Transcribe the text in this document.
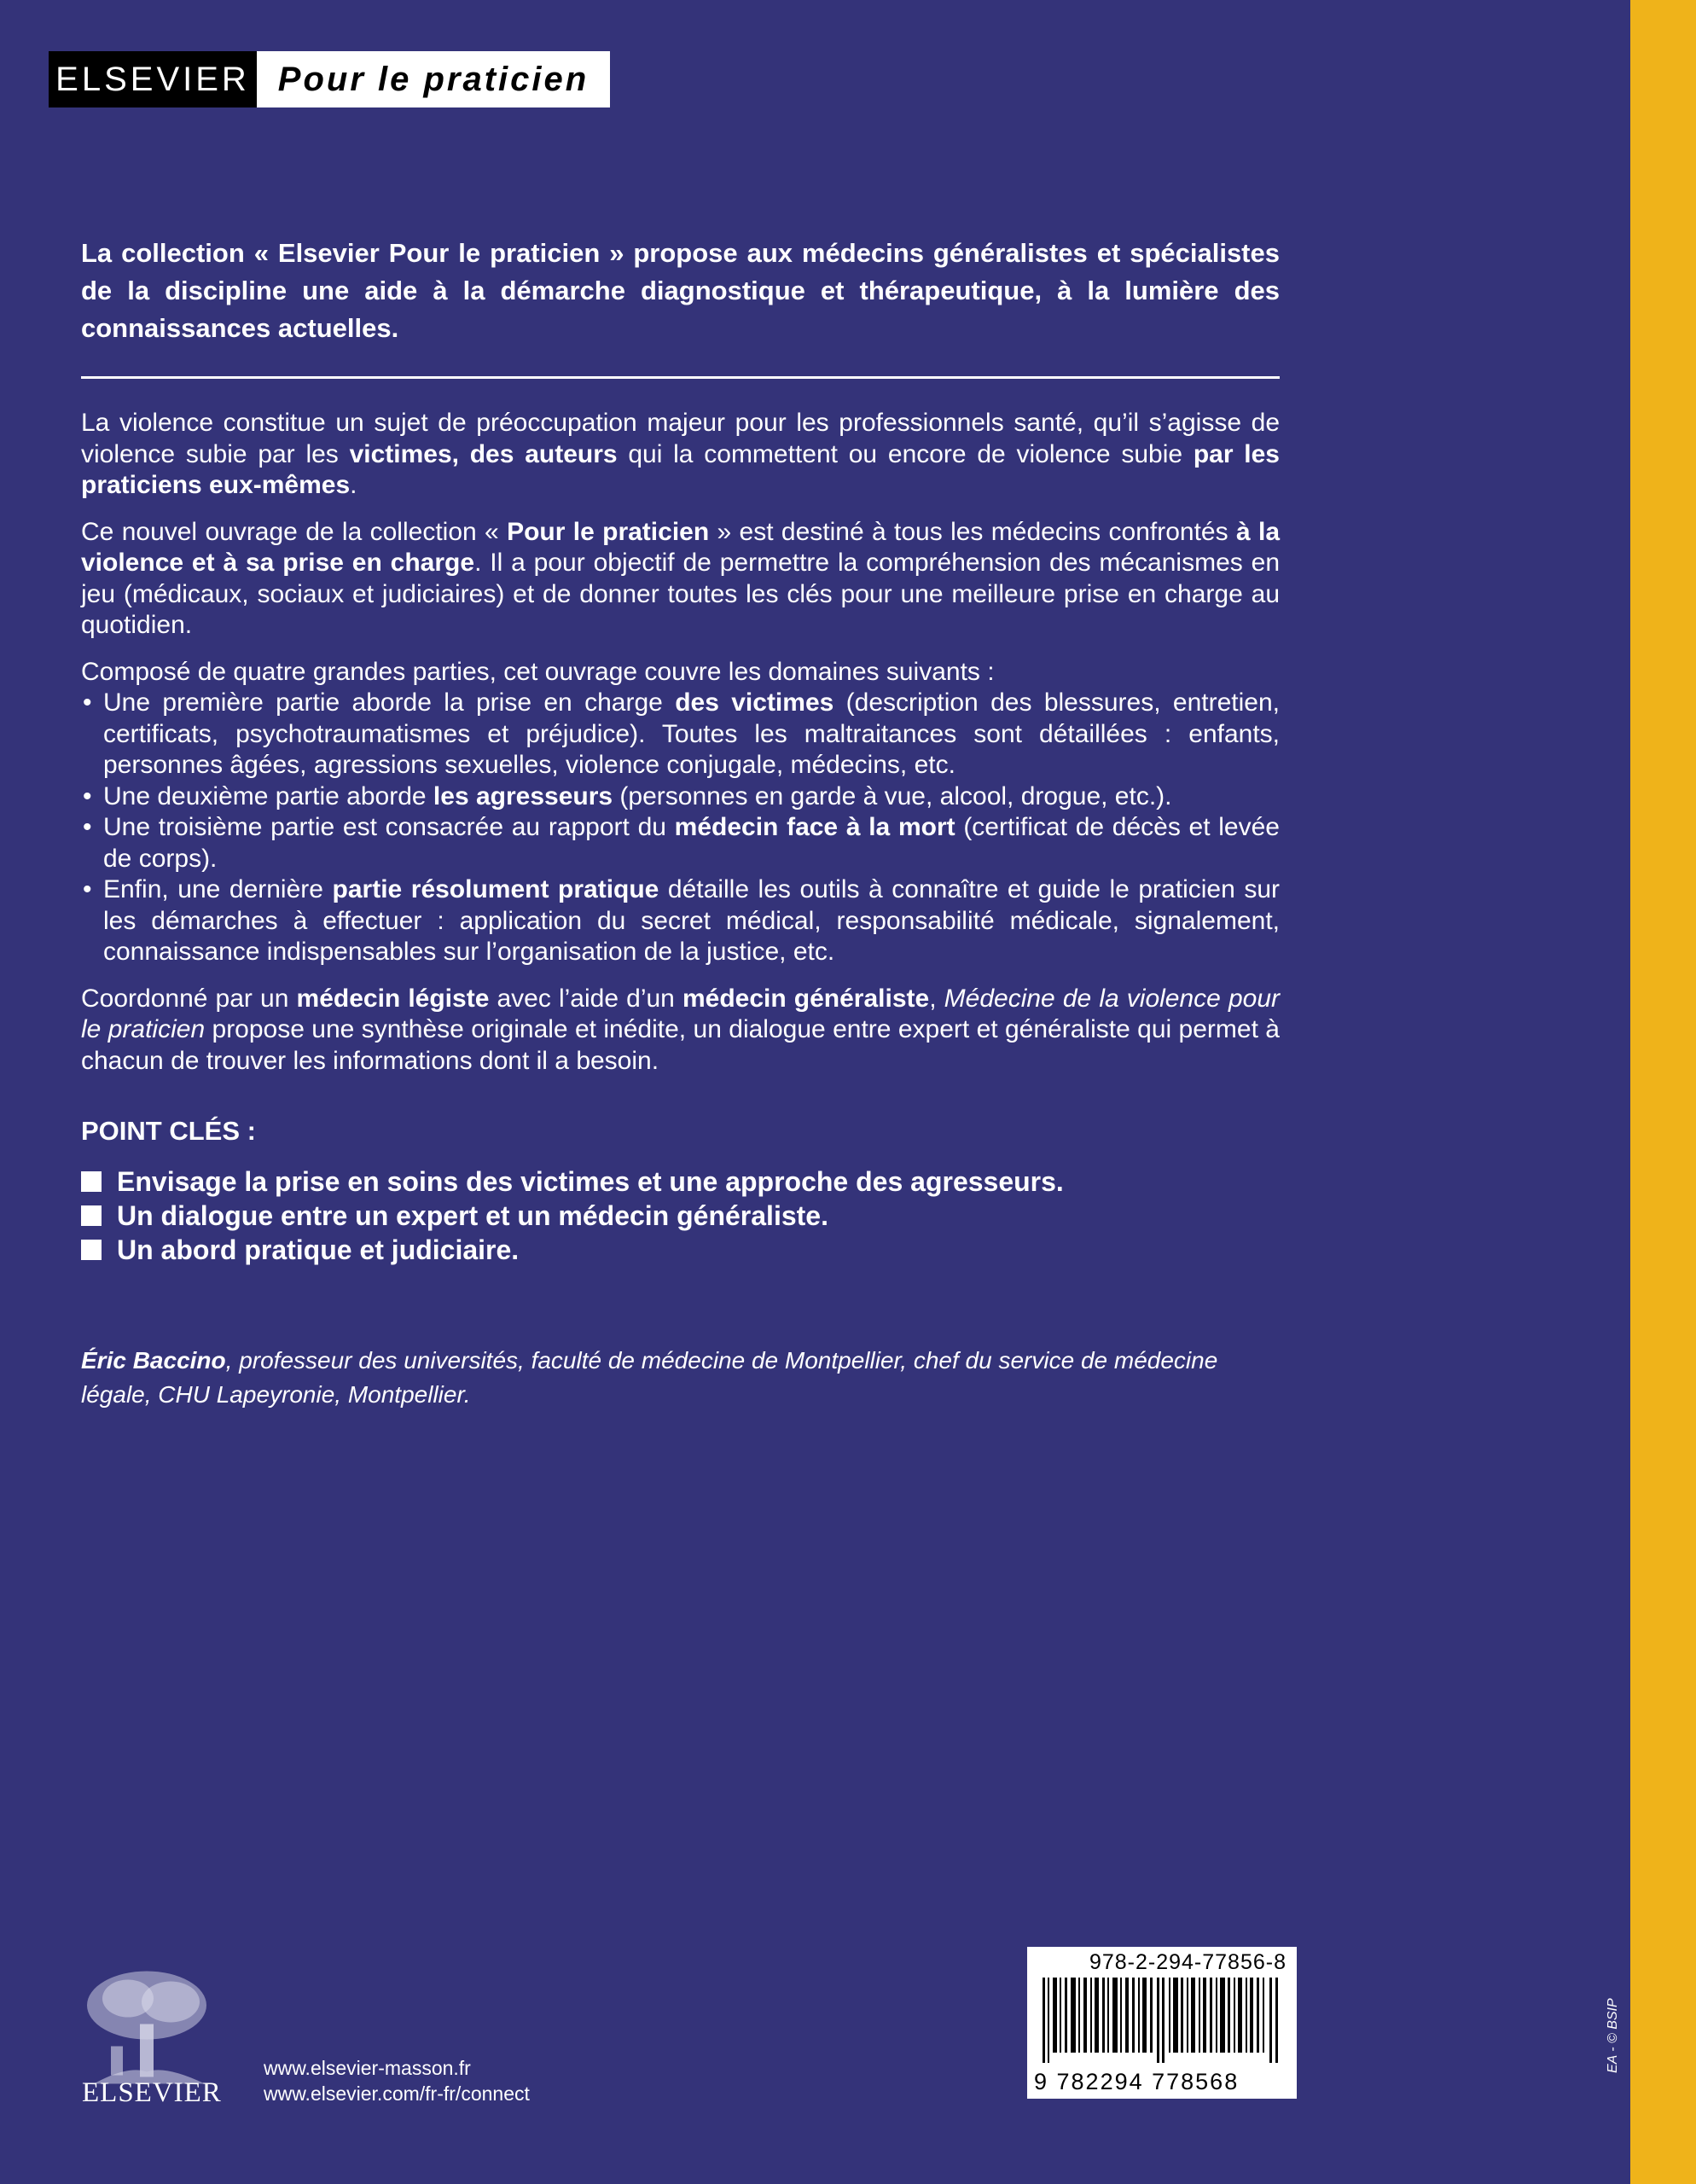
ELSEVIER Pour le praticien
La collection « Elsevier Pour le praticien » propose aux médecins généralistes et spécialistes de la discipline une aide à la démarche diagnostique et thérapeutique, à la lumière des connaissances actuelles.

La violence constitue un sujet de préoccupation majeur pour les professionnels santé, qu’il s’agisse de violence subie par les victimes, des auteurs qui la commettent ou encore de violence subie par les praticiens eux-mêmes.

Ce nouvel ouvrage de la collection « Pour le praticien » est destiné à tous les médecins confrontés à la violence et à sa prise en charge. Il a pour objectif de permettre la compréhension des mécanismes en jeu (médicaux, sociaux et judiciaires) et de donner toutes les clés pour une meilleure prise en charge au quotidien.

Composé de quatre grandes parties, cet ouvrage couvre les domaines suivants :

• Une première partie aborde la prise en charge des victimes (description des blessures, entretien, certificats, psychotraumatismes et préjudice). Toutes les maltraitances sont détaillées : enfants, personnes âgées, agressions sexuelles, violence conjugale, médecins, etc.
• Une deuxième partie aborde les agresseurs (personnes en garde à vue, alcool, drogue, etc.).
• Une troisième partie est consacrée au rapport du médecin face à la mort (certificat de décès et levée de corps).
• Enfin, une dernière partie résolument pratique détaille les outils à connaître et guide le praticien sur les démarches à effectuer : application du secret médical, responsabilité médicale, signalement, connaissance indispensables sur l’organisation de la justice, etc.

Coordonné par un médecin légiste avec l’aide d’un médecin généraliste, Médecine de la violence pour le praticien propose une synthèse originale et inédite, un dialogue entre expert et généraliste qui permet à chacun de trouver les informations dont il a besoin.

POINT CLÉS :
Envisage la prise en soins des victimes et une approche des agresseurs.
Un dialogue entre un expert et un médecin généraliste.
Un abord pratique et judiciaire.
Éric Baccino, professeur des universités, faculté de médecine de Montpellier, chef du service de médecine légale, CHU Lapeyronie, Montpellier.
ELSEVIER
www.elsevier-masson.fr
www.elsevier.com/fr-fr/connect
978-2-294-77856-8
9 782294 778568
EA - © BSIP
